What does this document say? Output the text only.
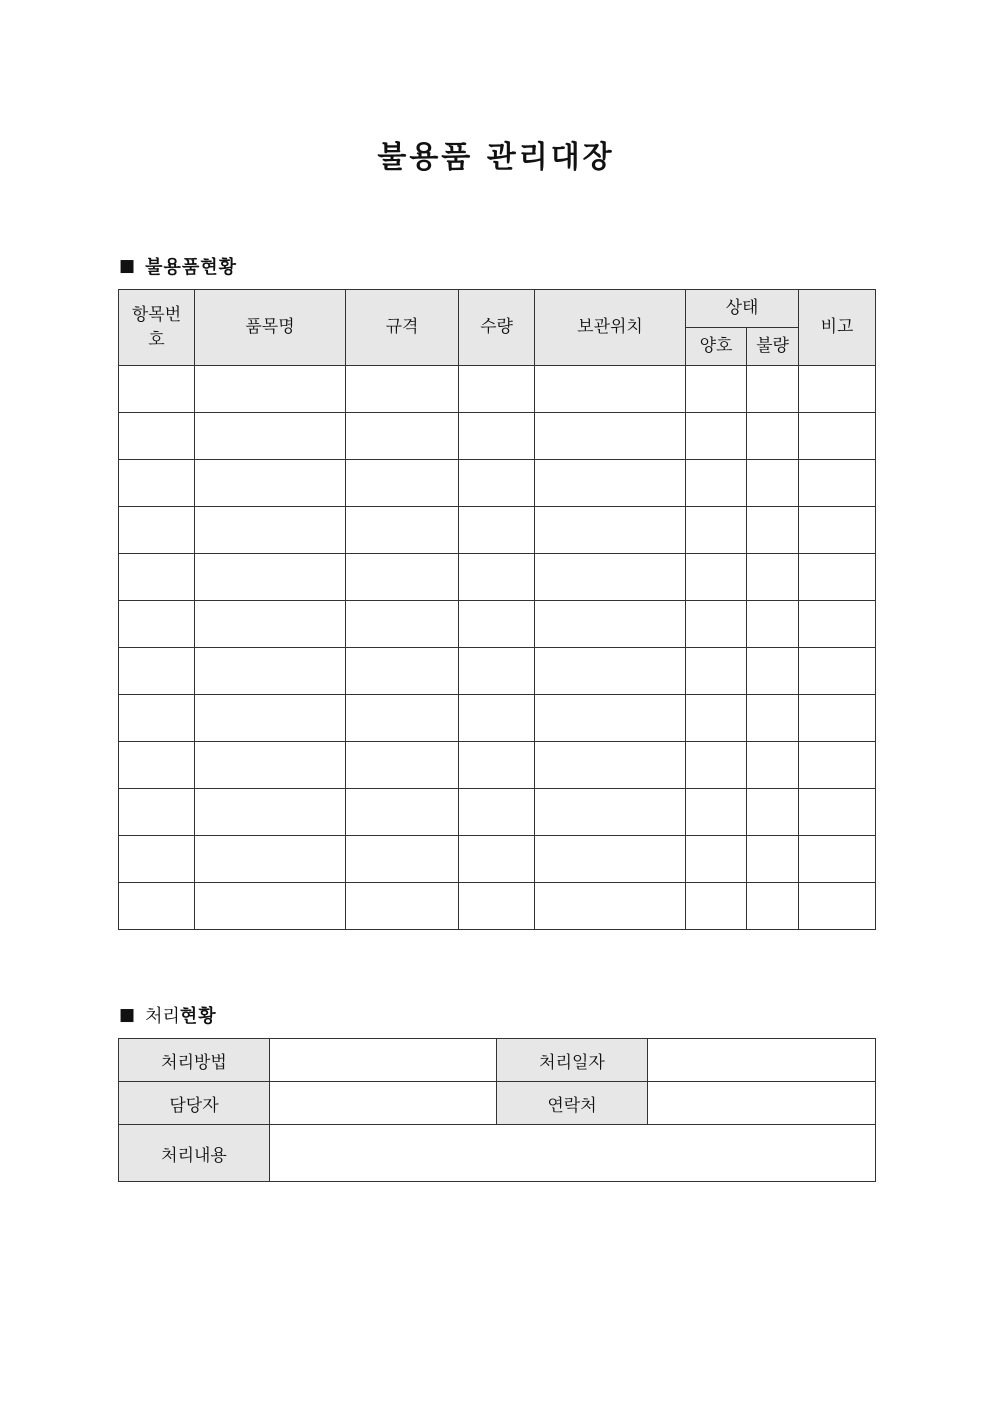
불용품 관리대장
■ 불용품현황
항목번호	품목명	규격	수량	보관위치	상태		비고
					양호	불량	

■ 처리 현황
처리방법		처리일자	
담당자		연락처	
처리내용			
